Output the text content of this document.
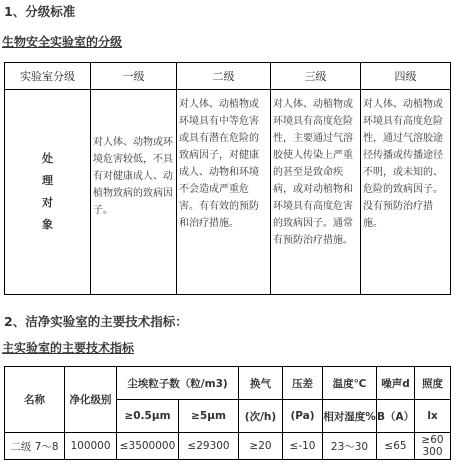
1、分级标准
生物安全实验室的分级
实验室分级	一级	二级	三级	四级

处
理
对
象	对人体、动物或环境危害较低，不具有对健康成人、动植物致病的致病因子。	对人体、动植物或环境具有中等危害或具有潜在危险的致病因子，对健康成人、动物和环境不会造成严重危害。有有效的预防和治疗措施。	对人体、动植物或环境具有高度危险性，主要通过气溶胶使人传染上严重的甚至是致命疾病，或对动植物和环境具有高度危害的致病因子。通常有预防治疗措施。	对人体、动植物或环境具有高度危险性，通过气溶胶途径传播或传播途径不明，或未知的、危险的致病因子。没有预防治疗措施。
2、洁净实验室的主要技术指标：
主实验室的主要技术指标
名称	净化级别	尘埃粒子数（粒/m3)		换气	压差	温度℃	噪声d	照度
		≥0.5μm	≥5μm	(次/h)	(Pa)	相对湿度%	B（A）	lx
二级 7～8	100000	≤3500000	≤29300	≥20	≤-10	23～30	≤65	≥60 300
